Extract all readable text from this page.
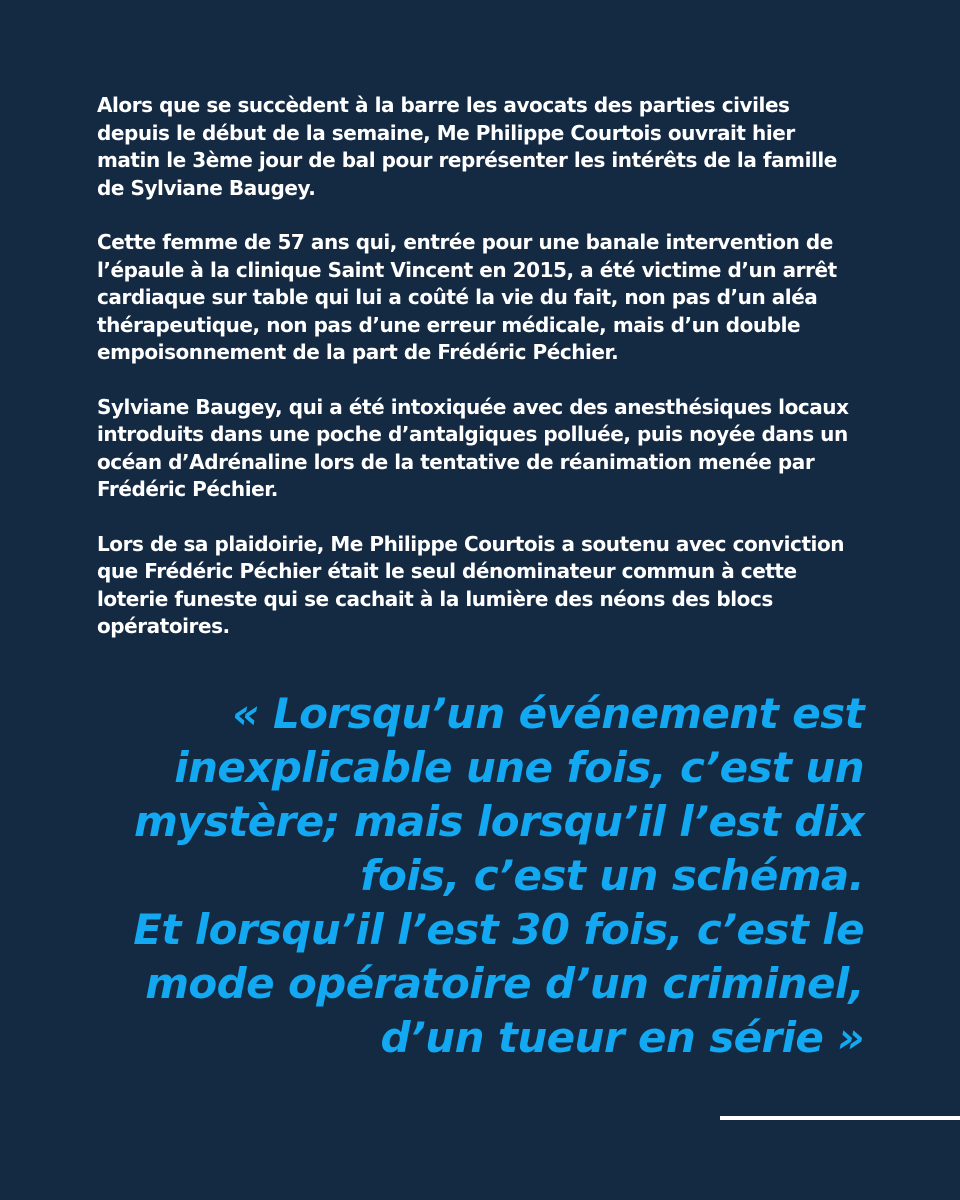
Alors que se succèdent à la barre les avocats des parties civiles
depuis le début de la semaine, Me Philippe Courtois ouvrait hier
matin le 3ème jour de bal pour représenter les intérêts de la famille
de Sylviane Baugey.

Cette femme de 57 ans qui, entrée pour une banale intervention de
l’épaule à la clinique Saint Vincent en 2015, a été victime d’un arrêt
cardiaque sur table qui lui a coûté la vie du fait, non pas d’un aléa
thérapeutique, non pas d’une erreur médicale, mais d’un double
empoisonnement de la part de Frédéric Péchier.

Sylviane Baugey, qui a été intoxiquée avec des anesthésiques locaux
introduits dans une poche d’antalgiques polluée, puis noyée dans un
océan d’Adrénaline lors de la tentative de réanimation menée par
Frédéric Péchier.

Lors de sa plaidoirie, Me Philippe Courtois a soutenu avec conviction
que Frédéric Péchier était le seul dénominateur commun à cette
loterie funeste qui se cachait à la lumière des néons des blocs
opératoires.

« Lorsqu’un événement est
inexplicable une fois, c’est un
mystère; mais lorsqu’il l’est dix
fois, c’est un schéma.
Et lorsqu’il l’est 30 fois, c’est le
mode opératoire d’un criminel,
d’un tueur en série »
